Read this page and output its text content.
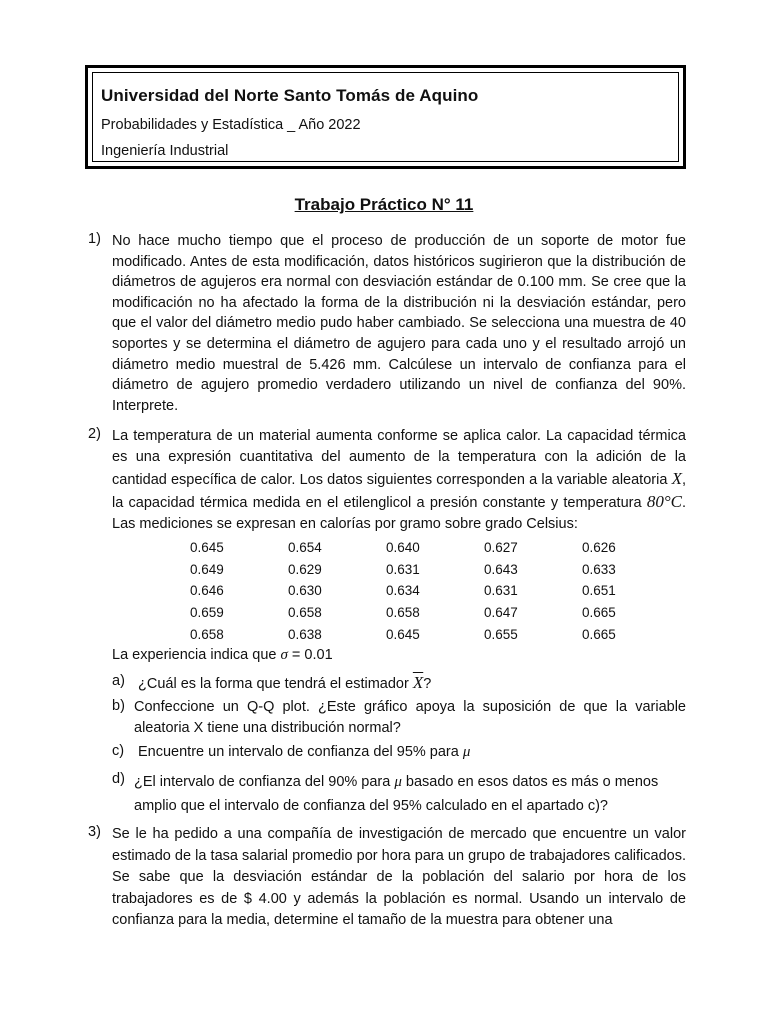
Universidad del Norte Santo Tomás de Aquino
Probabilidades y Estadística _ Año 2022
Ingeniería Industrial
Trabajo Práctico N° 11
1) No hace mucho tiempo que el proceso de producción de un soporte de motor fue modificado. Antes de esta modificación, datos históricos sugirieron que la distribución de diámetros de agujeros era normal con desviación estándar de 0.100 mm. Se cree que la modificación no ha afectado la forma de la distribución ni la desviación estándar, pero que el valor del diámetro medio pudo haber cambiado. Se selecciona una muestra de 40 soportes y se determina el diámetro de agujero para cada uno y el resultado arrojó un diámetro medio muestral de 5.426 mm. Calcúlese un intervalo de confianza para el diámetro de agujero promedio verdadero utilizando un nivel de confianza del 90%. Interprete.
2) La temperatura de un material aumenta conforme se aplica calor. La capacidad térmica es una expresión cuantitativa del aumento de la temperatura con la adición de la cantidad específica de calor. Los datos siguientes corresponden a la variable aleatoria X, la capacidad térmica medida en el etilenglicol a presión constante y temperatura 80°C. Las mediciones se expresan en calorías por gramo sobre grado Celsius:
0.645	0.654	0.640	0.627	0.626
0.649	0.629	0.631	0.643	0.633
0.646	0.630	0.634	0.631	0.651
0.659	0.658	0.658	0.647	0.665
0.658	0.638	0.645	0.655	0.665
La experiencia indica que σ = 0.01
a) ¿Cuál es la forma que tendrá el estimador $\overline{X}$?
b) Confeccione un Q-Q plot. ¿Este gráfico apoya la suposición de que la variable aleatoria X tiene una distribución normal?
c) Encuentre un intervalo de confianza del 95% para μ
d) ¿El intervalo de confianza del 90% para μ basado en esos datos es más o menos
amplio que el intervalo de confianza del 95% calculado en el apartado c)?
3) Se le ha pedido a una compañía de investigación de mercado que encuentre un valor estimado de la tasa salarial promedio por hora para un grupo de trabajadores calificados. Se sabe que la desviación estándar de la población del salario por hora de los trabajadores es de $ 4.00 y además la población es normal. Usando un intervalo de confianza para la media, determine el tamaño de la muestra para obtener una
